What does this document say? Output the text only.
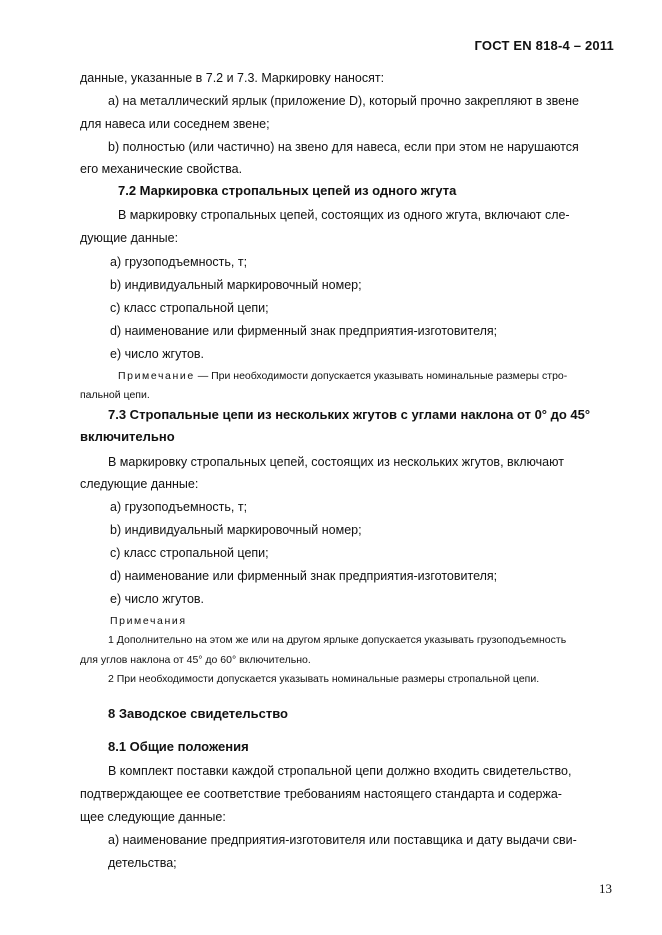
ГОСТ EN 818-4 – 2011
данные, указанные в 7.2 и 7.3. Маркировку наносят:
a) на металлический ярлык (приложение D), который прочно закрепляют в звене
для навеса или соседнем звене;
b) полностью (или частично) на звено для навеса, если при этом не нарушаются
его механические свойства.
7.2 Маркировка стропальных цепей из одного жгута
В маркировку стропальных цепей, состоящих из одного жгута, включают сле-
дующие данные:
a) грузоподъемность, т;
b) индивидуальный маркировочный номер;
c) класс стропальной цепи;
d) наименование или фирменный знак предприятия-изготовителя;
e) число жгутов.
Примечание — При необходимости допускается указывать номинальные размеры стро-
пальной цепи.
7.3 Стропальные цепи из нескольких жгутов с углами наклона от 0° до 45°
включительно
В маркировку стропальных цепей, состоящих из нескольких жгутов, включают
следующие данные:
a) грузоподъемность, т;
b) индивидуальный маркировочный номер;
c) класс стропальной цепи;
d) наименование или фирменный знак предприятия-изготовителя;
e) число жгутов.
Примечания
1 Дополнительно на этом же или на другом ярлыке допускается указывать грузоподъемность
для углов наклона от 45° до 60° включительно.
2 При необходимости допускается указывать номинальные размеры стропальной цепи.
8 Заводское свидетельство
8.1 Общие положения
В комплект поставки каждой стропальной цепи должно входить свидетельство,
подтверждающее ее соответствие требованиям настоящего стандарта и содержа-
щее следующие данные:
a) наименование предприятия-изготовителя или поставщика и дату выдачи сви-
детельства;
13
